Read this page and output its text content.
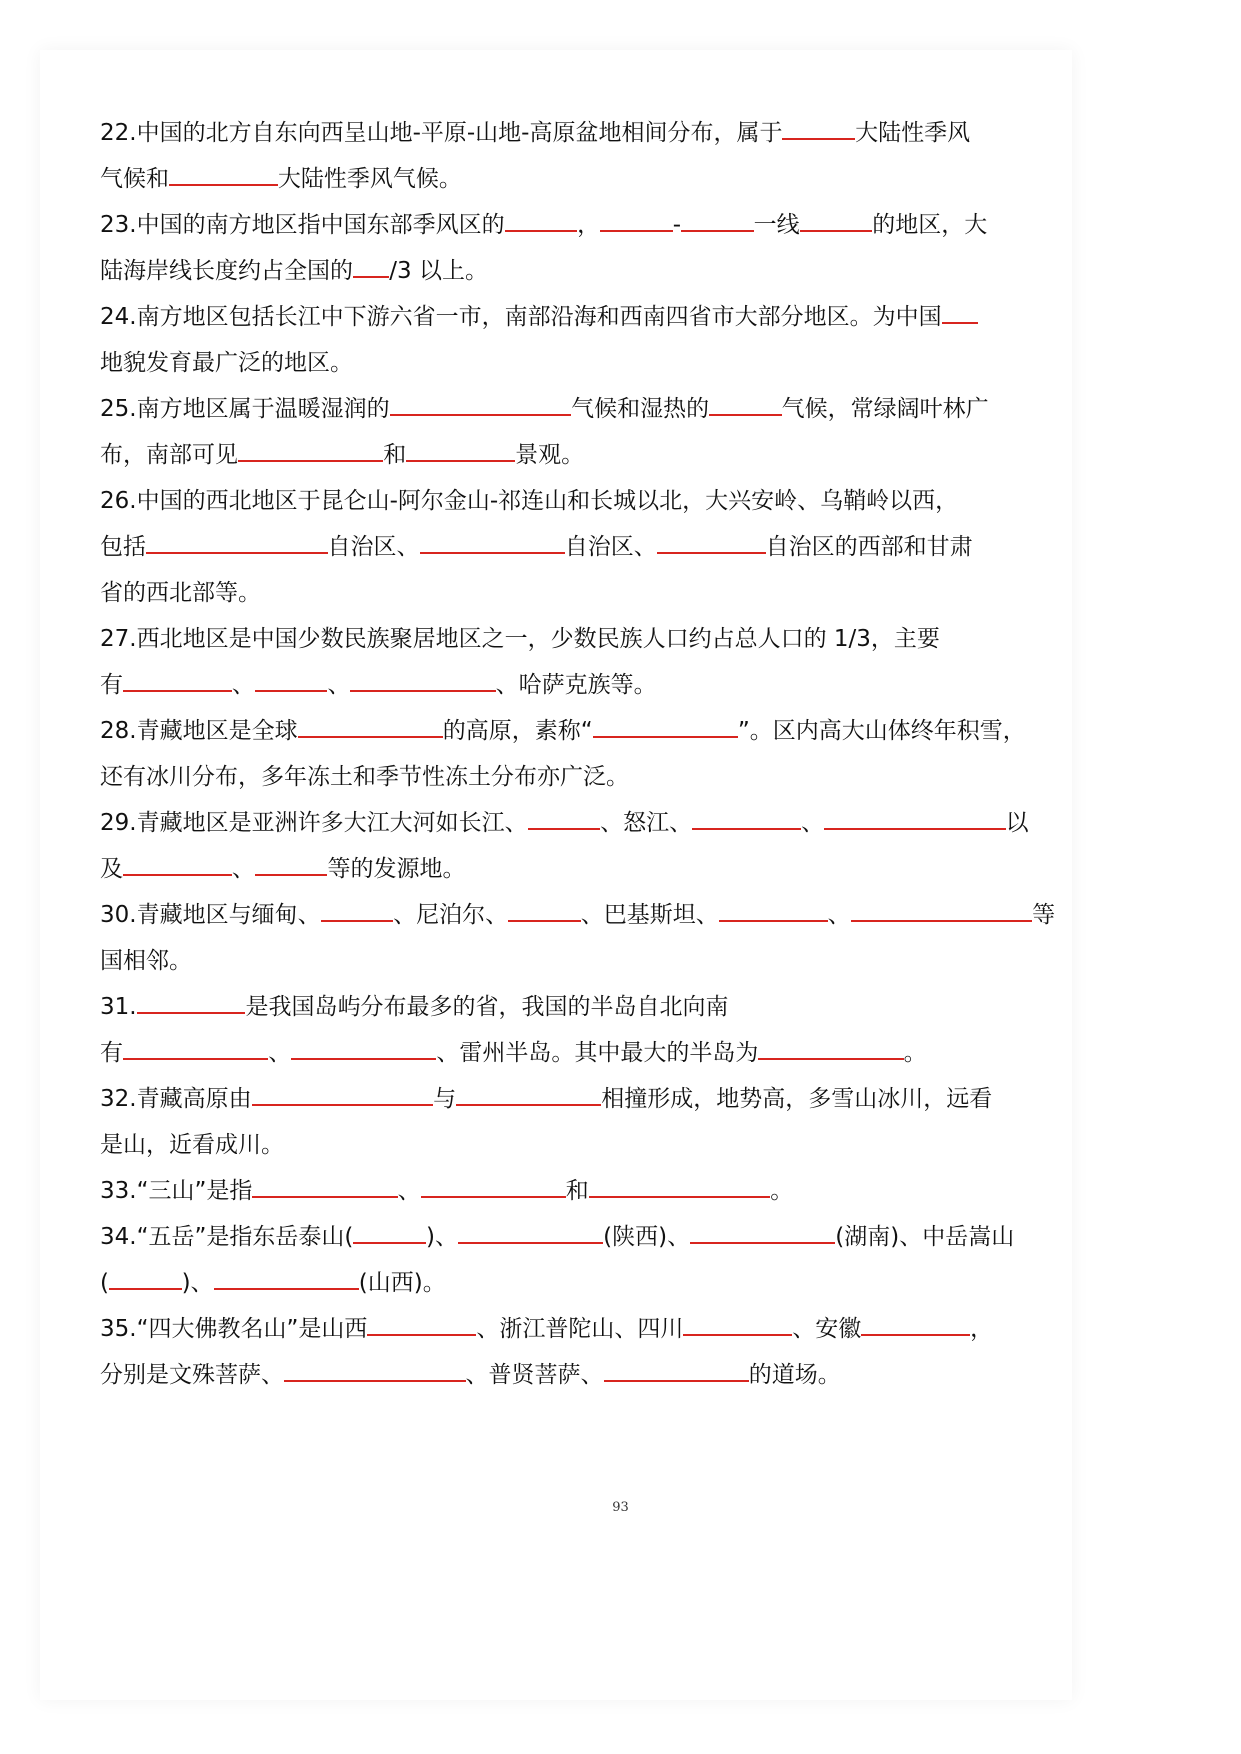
22.中国的北方自东向西呈山地-平原-山地-高原盆地相间分布，属于	大陆性季风
气候和	大陆性季风气候。
23.中国的南方地区指中国东部季风区的	，	-	一线	的地区，大
陆海岸线长度约占全国的 /3 以上。
24.南方地区包括长江中下游六省一市，南部沿海和西南四省市大部分地区。为中国
地貌发育最广泛的地区。
25.南方地区属于温暖湿润的	气候和湿热的	气候，常绿阔叶林广
布，南部可见	和	景观。
26.中国的西北地区于昆仑山-阿尔金山-祁连山和长城以北，大兴安岭、乌鞘岭以西，
包括	自治区、	自治区、	自治区的西部和甘肃
省的西北部等。
27.西北地区是中国少数民族聚居地区之一，少数民族人口约占总人口的 1/3，主要
有	、	、	、哈萨克族等。
28.青藏地区是全球	的高原，素称“	”。区内高大山体终年积雪，
还有冰川分布，多年冻土和季节性冻土分布亦广泛。
29.青藏地区是亚洲许多大江大河如长江、	、怒江、	、	以
及	、	等的发源地。
30.青藏地区与缅甸、	、尼泊尔、	、巴基斯坦、	、	等
国相邻。
31.	是我国岛屿分布最多的省，我国的半岛自北向南
有	、	、雷州半岛。其中最大的半岛为	。
32.青藏高原由	与	相撞形成，地势高，多雪山冰川，远看
是山，近看成川。
33.“三山”是指	、	和	。
34.“五岳”是指东岳泰山(	)、	(陕西)、	(湖南)、中岳嵩山
(	)、	(山西)。
35.“四大佛教名山”是山西	、浙江普陀山、四川	、安徽	，
分别是文殊菩萨、	、普贤菩萨、	的道场。
93
